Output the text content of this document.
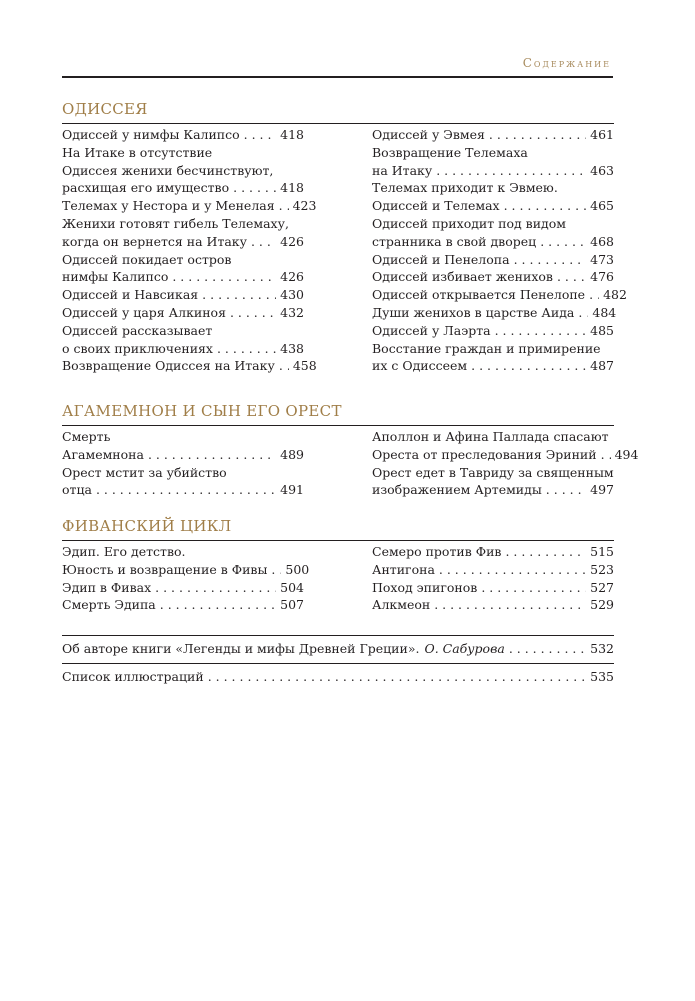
Содержание
ОДИССЕЯ
Одиссей у нимфы Калипсо . . .	418
На Итаке в отсутствие
Одиссея женихи бесчинствуют,
расхищая его имущество . . .	418
Телемах у Нестора и у Менелая . . . 423
Женихи готовят гибель Телемаху,
когда он вернется на Итаку . . .	426
Одиссей покидает остров
нимфы Калипсо . . .	426
Одиссей и Навсикая . . .	430
Одиссей у царя Алкиноя . . .	432
Одиссей рассказывает
о своих приключениях . . .	438
Возвращение Одиссея на Итаку . . . 458
Одиссей у Эвмея . . .	461
Возвращение Телемаха
на Итаку . . .	463
Телемах приходит к Эвмею.
Одиссей и Телемах . . .	465
Одиссей приходит под видом
странника в свой дворец . . .	468
Одиссей и Пенелопа . . .	473
Одиссей избивает женихов . . .	476
Одиссей открывается Пенелопе . . . 482
Души женихов в царстве Аида . . . 484
Одиссей у Лаэрта . . .	485
Восстание граждан и примирение
их с Одиссеем . . .	487
АГАМЕМНОН И СЫН ЕГО ОРЕСТ
Смерть
Агамемнона . . .	489
Орест мстит за убийство
отца . . .	491
Аполлон и Афина Паллада спасают
Ореста от преследования Эриний . . . 494
Орест едет в Тавриду за священным
изображением Артемиды . . .	497
ФИВАНСКИЙ ЦИКЛ
Эдип. Его детство.
Юность и возвращение в Фивы . . . 500
Эдип в Фивах . . .	504
Смерть Эдипа . . .	507
Семеро против Фив . . .	515
Антигона . . .	523
Поход эпигонов . . .	527
Алкмеон . . .	529
Об авторе книги «Легенды и мифы Древней Греции». О. Сабурова . . .	532
Список иллюстраций . . .	535
